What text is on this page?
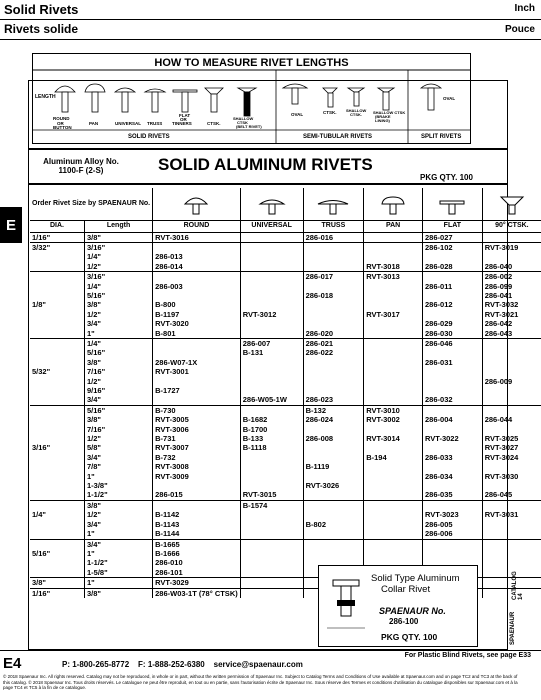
Solid Rivets	Inch
Rivets solide	Pouce
E
HOW TO MEASURE RIVET LENGTHS
LENGTH
ROUND
OR
BUTTON
PAN	UNIVERSAL TRUSS
FLAT
OR
TINNERS	CTSK.
SHALLOW
CTSK
(BELT RIVET)
OVAL	CTSK. SHALLOW
CTSK.	SHALLOW CTSK
(BRAKE
LINING)
OVAL
SOLID RIVETS	SEMI-TUBULAR RIVETS	SPLIT RIVETS
Aluminum Alloy No. 1100-F (2-S)	SOLID ALUMINUM RIVETS
PKG QTY. 100
Order Rivet Size by SPAENAUR No.						
DIA.	Length	ROUND	UNIVERSAL	TRUSS	PAN	FLAT	90° CTSK.
1/16"	3/8"	RVT-3016		286-016		286-027	
3/32"	3/16"					286-102	RVT-3019
	1/4"	286-013					
	1/2"	286-014			RVT-3018	286-028	286-040
	3/16"			286-017	RVT-3013		286-002
	1/4"	286-003				286-011	286-099
	5/16"			286-018			286-041
1/8"	3/8"	B-800				286-012	RVT-3032
	1/2"	B-1197	RVT-3012		RVT-3017		RVT-3021
	3/4"	RVT-3020				286-029	286-042
	1"	B-801		286-020		286-030	286-043
	1/4"		286-007	286-021		286-046	
	5/16"		B-131	286-022			
	3/8"	286-W07-1X				286-031	
5/32"	7/16"	RVT-3001					
	1/2"						286-009
	9/16"	B-1727					
	3/4"		286-W05-1W	286-023		286-032	
	5/16"	B-730		B-132	RVT-3010		
	3/8"	RVT-3005	B-1682	286-024	RVT-3002	286-004	286-044
	7/16"	RVT-3006	B-1700				
	1/2"	B-731	B-133	286-008	RVT-3014	RVT-3022	RVT-3025
3/16"	5/8"	RVT-3007	B-1118				RVT-3027
	3/4"	B-732			B-194	286-033	RVT-3024
	7/8"	RVT-3008		B-1119			
	1"	RVT-3009				286-034	RVT-3030
	1-3/8"			RVT-3026			
	1-1/2"	286-015	RVT-3015			286-035	286-045
	3/8"		B-1574				
1/4"	1/2"	B-1142				RVT-3023	RVT-3031
	3/4"	B-1143		B-802		286-005	
	1"	B-1144				286-006	
	3/4"	B-1665					
5/16"	1"	B-1666					
	1-1/2"	286-010					
	1-5/8"	286-101					
3/8"	1"	RVT-3029					
1/16"	3/8"	286-W03-1T (78° CTSK)					
Solid Type Aluminum
Collar Rivet
SPAENAUR No.
286-100
PKG QTY. 100
CATALOG 14
SPAENAUR
E4	P: 1-800-265-8772 F: 1-888-252-6380 service@spaenaur.com
For Plastic Blind Rivets, see page E33
© 2018 Spaenaur Inc. All rights reserved. Catalog may not be reproduced, in whole or in part, without the written permission of Spaenaur Inc. Subject to Catalog Terms and Conditions of Use available at Spaenaur.com and on page TC2 and TC3 at the back of this catalog. © 2018 Spaenaur Inc. Tous droits réservés. Le catalogue ne peut être reproduit, en tout ou en partie, sans l'autorisation écrite de Spaenaur Inc. Sous réserve des Termes et conditions d'utilisation du catalogue disponibles sur Spaenaur.com et à la page TC4 et TC5 à la fin de ce catalogue.
